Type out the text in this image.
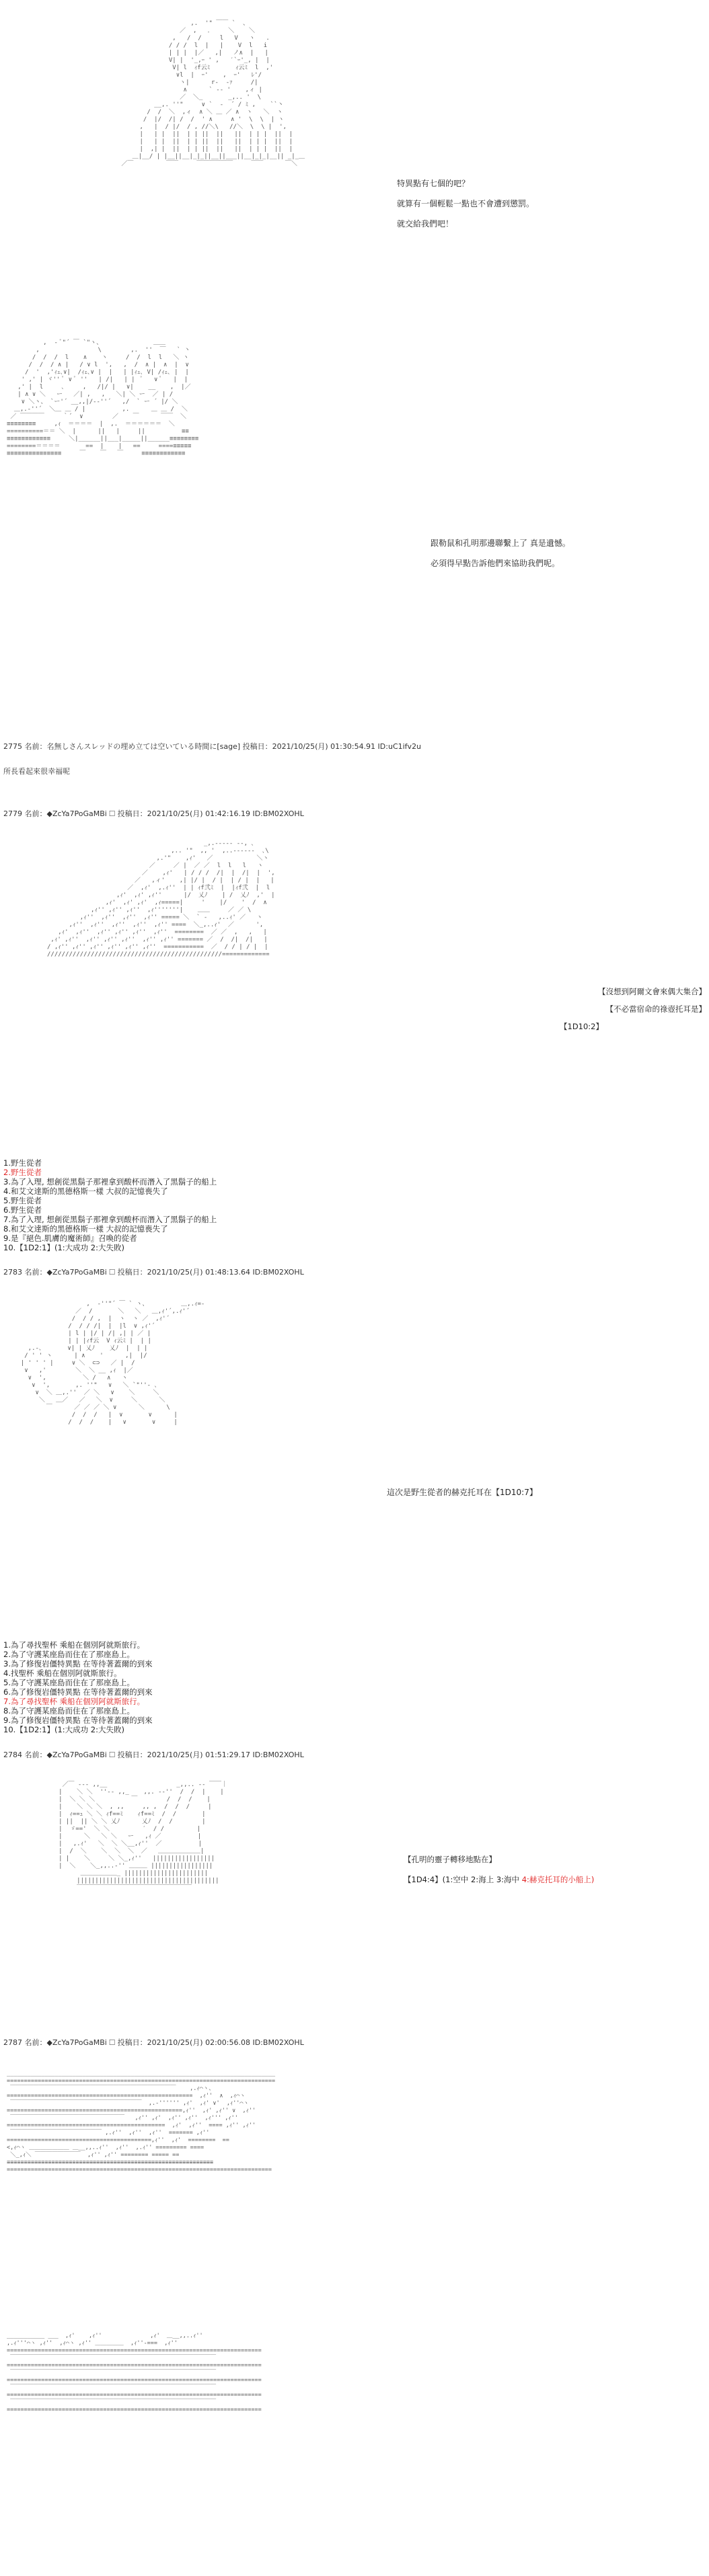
,.  '" ￣￣ `  、
／  ,   ．    ＼    ＼
,   /  /     l   V   ヽ   .
/ / /  l  |   |    V  l   i
| | |  |／   ,|   ノ∧  |   |
V| |  '_,ｰ ' ,   ′`ｰ'_, |  |
V| l  ｨf云ﾐ       ｨ云ﾐ  l  ,'
∨l  |  ｰ'    ,  ｰ'   ﾚ'/
ヽ|      r-  -ｧ     /|
∧      ` ‐‐ '    ,ィ |
／  ＼_       _,.. '  \
__,. ''"     ∨ `  ‐  ´ / ﾐ ,    ``丶
/  /  ＼  ,ィ  ∧ ＼ ＿ ／ ∧  ヽ   ＼  ヽ
/  |/  /| /  /  ' ∧     ∧ '  \  \  | ヽ
,   |  / |/  / , //＼\   //＼  \  \ |  ',
|   | |  ||  | | ||  ||   ||  | | |  ||  |
|   | |  ||  | | ||  ||   ||  | | |  ||  |
|  ,| |  ||  | | ||  ||   ||  | | |  ||  |
＿|__/ | |__||__|_|_||__||___||__|_|_|__|| _|_＿
／￣         ￣￣     ￣￣￣￣￣￣     ￣￣      ￣＼
特異點有七個的吧？
就算有一個輕鬆一點也不會遭到懲罰。
就交給我們吧！
,  ‐ ﾞ"´ ￣ `"ヽ、              ＿＿
,                \        ,.  ''  ￣   ` 丶
/  /  /  l    ∧    ヽ     /  /  l  l   ＼ ヽ
/  /  / ∧ |   / ∨ l  ',   ,  /  ∧ |  ∧  |  ∨
/  '  ,'ｨｪ､∨|  /ｨｪ､∨ |  |   | |ｨｪ､ V| /ｨｪ､ |  |
' ,' | ヾ'' ﾟ ∨ ﾟ ''   | /|   | |  ﾟ   ∨ ﾟ   |  |
,' |  l     ､     ,   /|/ |   ∨|    __    ,  |／
| ∧ ∨ ＼   ー   ／| ,   ,   ＼| ＼ ー  ／ | /
∨ ＼ヽ、 `ー'´ __,,|/-‐''´   ,/  ` ー ´ |/ ＼
＿,.-''´  ＼＿ ＿ / |          ,.      ＿ ＿ /  ＼
／ ￣￣￣￣     ｀´  ∨        ／    ￣      ￣￣  ＼
≡≡≡≡≡≡≡≡     ,ｨ  ＝＝＝＝  |  ,.  ＝＝＝＝＝＝  ＼
==========＝＝ ＼  |      ||   |     ||          ≡≡
≡≡≡≡≡≡≡≡≡≡≡≡     ＼|______||___|_____||______≡≡≡≡≡≡≡≡
========＝＝＝＝       ==  |    |   ==     ====≡≡≡≡≡
≡≡≡≡≡≡≡≡≡≡≡≡≡≡≡     ￣    ￣   ￣     ≡≡≡≡≡≡≡≡≡≡≡≡
跟勒鼠和孔明那邊聯繫上了 真是遺憾。
必須得早點告訴他們來協助我們呢。
2775 名前：名無しさんスレッドの埋め立ては空いている時間に[sage] 投稿日：2021/10/25(月) 01:30:54.91 ID:uC1ifv2u
所長看起來很幸福呢
2779 名前：◆ZcYa7PoGaMBi 🞎 投稿日：2021/10/25(月) 01:42:16.19 ID:BM02XOHL
_,.-‐‐‐‐ --, ､
,.. '"  ,, '  ,..-‐--‐-  ､\
,.'"    ,ｨ'   ／            ＼ヽ
／     ／ |  ／ ／  l  l   l   ヽ
／    ,ｨ'   | / / /  /|  |  /|  |  ',
／   ,ィ'    ,| |/ |  / |  | / |  |   |
／  ,ｨ'  ,.ｨ''  | | ｨf弐ﾐ  |  |ｨf弐  |  l
,ｨ'  ,ｨ' ,ｨ''      |/  乂ﾉ    | /  乂ﾉ  ,'  |
,ｨ'  ,ｨ' ,ｨ'  ,ｨ=====|     '    |/    '  /  ∧
,ｨ'' ,ｨ'' ,ｨ''  ,ｨ'''''''|    ＿＿     ／ ／ \
,ｨ''  ,ｨ''  ,ｨ''  ,ｨ'' ===== ＼  ` ‐   ,..ｨ' ／   ヽ
,ｨ''  ,ｨ''  ,ｨ''  ,ｨ''  ,ｨ'' ====  ＼_,..ｨ'  ／      ',
,ｨ'  ,ｨ''  ,ｨ'' ,ｨ'' ,ｨ''  ,ｨ''  ========  ／ ／  ,   ,   |
,ｨ' ,ｨ''  ,ｨ'' ,ｨ'' ,ｨ''  ,ｨ'' ,ｨ'' ======= ／  /  /|  /|   |
/ ,ｨ'' ,ｨ'' ,ｨ'' ,ｨ'' ,ｨ'' ,ｨ''  ===========  ／  / / | / |  |
////////////////////////////////////////////////=============
【沒想到阿爾文會來偶大集合】
【不必當宿命的祿壺托耳是】
【1D10:2】
1.野生從者
2.野生從者
3.為了入理, 想創從黑鬍子那裡拿到酸杯而潛入了黑鬍子的船上
4.和艾文達斯的黑德格斯一樣 大叔的記憶喪失了
5.野生從者
6.野生從者
7.為了入理, 想創從黑鬍子那裡拿到酸杯而潛入了黑鬍子的船上
8.和艾文達斯的黑德格斯一樣 大叔的記憶喪失了
9.是『絕色.肌膚的魔術師』召喚的從者
10.【1D2:1】(1:大成功 2:大失敗)
2783 名前：◆ZcYa7PoGaMBi 🞎 投稿日：2021/10/25(月) 01:48:13.64 ID:BM02XOHL
,  ‐''"´ ￣ ` ヽ、         ＿,.ｨ=-
／  /       ＼   ＼   ＿,ｨ'´,.ｨ'´
/  / / ,  |  ヽ  ヽ ／  ,ｨ'´
/  / / /|  |  |l  ∨ ,ｨ'´
| l | |/ | /| ,| | ／ |
| | |ｨf云  V ｨ云ﾐ |  | |
,.-､       ∨| | 乂ﾉ    乂ﾉ  |  | |
/ ' ' ヽ      | ∧    '      ,|  |/
| ' ' ' |     ∨ ＼  ⊂⊃   ／ |  /
∨   ,'        ＼  ＼ __ ,ｨ  |／
∨  ',          ＼ /   ∧   ヽ
∨  ',       ,. ''"   ∨   ＼ `"''‐ ､
∨  ＼ ＿,.''  ／ ＼   ∨    ＼     ＼
＼   ＿／   ／   ＼  ∨     ＼      ＼
￣      ／ ／ ／ ＼ ∨      ＼      \
/  /  /   |  ∨       ∨      |
/  /  /    |   ∨       ∨     |
這次是野生從者的赫克托耳在【1D10:7】
1.為了尋找聖杯 乘船在個別阿就斯旅行。
2.為了守護某座島而住在了那座島上。
3.為了修復岩僵特異點 在等待著蓋爾的到來
4.找聖杯 乘船在個別阿就斯旅行。
5.為了守護某座島而住在了那座島上。
6.為了修復岩僵特異點 在等待著蓋爾的到來
7.為了尋找聖杯 乘船在個別阿就斯旅行。
8.為了守護某座島而住在了那座島上。
9.為了修復岩僵特異點 在等待著蓋爾的到來
10.【1D2:1】(1:大成功 2:大失敗)
2784 名前：◆ZcYa7PoGaMBi 🞎 投稿日：2021/10/25(月) 01:51:29.17 ID:BM02XOHL
／￣ ‐‐‐ ,,__                   _,,.. -‐ ￣￣｜
|    ＼ ＼  ''‐- ,,_    ,,. -‐''  /  /  |    |
|  ＼ ＼ ＼          ￣        /  /  /    |
|    ＼ ＼ ＼  , ,,     ,, ,  /  /  /     |
|  ｨ==ｭ ＼ ＼ ｨf==ﾐ    ｨf==ﾐ  /  /       |
| ||  || ＼ ＼ 乂ﾉ      乂ﾉ  /  /        |
|  ゞ=='  ＼ ＼         ′  / /         |
|      ＼   ＼ ＼   ー   ,ｨ ／          |
|   ,.ｨ'   ＼  ＼ ＼__,ｨ''  ／          |
|  /  ＼    ＼  ＼  ＼  ／   ＿＿＿＿＿＿＿|
| |    ＼     ＼ ＼_,ｨ''   |||||||||||||||||
|  ＼    ＼_,,..-'' ＿＿＿ |||||||||||||||||
＿＿＿＿＿＿_ |||||||||||||||||||||||
|||||||||||||||||||||||||||||||||||||||
￣￣￣￣￣￣￣￣￣￣￣￣￣￣￣￣￣￣￣
【孔明的靈子轉移地點在】
【1D4:4】(1:空中 2:海上 3:海中 4:赫克托耳的小船上)
2787 名前：◆ZcYa7PoGaMBi 🞎 投稿日：2021/10/25(月) 02:00:56.08 ID:BM02XOHL
______________________________________________________________________________
==============================================================================
￣￣￣￣￣￣￣￣￣￣￣￣￣￣￣￣￣￣￣￣￣￣￣￣￣￣￣￣￣    ,.ｨ⌒ヽ、
======================================================  ,ｨ''  ∧  ,ｨ⌒ヽ
￣￣￣￣￣￣￣￣￣￣￣￣￣￣￣￣￣￣￣￣￣￣￣  ,.-'''''' ,ｨ'  ,ｨ' ∨'  ,ｨ''⌒ヽ
===================================================,ｨ''  ,ｨ' ,ｨ'' ∨  ,ｨ''
￣￣￣￣￣￣￣￣￣￣￣￣￣￣￣￣￣￣￣￣   ,ｨ'' ,ｨ'  ,ｨ'' ,ｨ''  ,ｨ''' ,ｨ''
==============================================  ,ｨ'  ,ｨ''  ==== ,ｨ'' ,ｨ''
￣￣￣￣￣￣￣￣￣￣￣￣￣￣￣￣ ,.ｨ''  ,ｨ''  ,ｨ''  ======= ,ｨ''
==========================================,ｨ''  ,ｨ'  ========  ==
<,ｨ⌒ヽ ＿＿＿＿＿＿＿ ＿__,,..ｨ''  ,ｨ''  ,.ｨ'' ========= ====
＼_,ｨ＼ ￣￣￣￣￣￣￣￣  ,ｨ'' ,ｨ'' ======== ===== ==
≡≡≡≡≡≡≡≡≡≡≡≡≡≡≡≡≡≡≡≡≡≡≡≡≡≡≡≡≡≡≡≡≡≡≡≡≡≡≡≡≡≡≡≡≡≡≡≡≡≡≡≡≡≡≡≡≡≡≡≡
=============================================================================
___________ ___  ,ｨ'    ,ｨ''              ,ｨ'  ＿__,,..ｨ''
,.ｨ'''⌒ヽ ,ｨ''  ,ｨ⌒ヽ ,ｨ'' ＿＿＿＿＿  ,ｨ''-===  ,ｨ''
==========================================================================
￣￣￣￣￣￣￣￣￣￣￣￣￣￣￣￣￣￣￣￣￣￣￣￣￣￣￣￣￣￣￣￣￣￣￣￣
==========================================================================
￣￣￣￣￣￣￣￣￣￣￣￣￣￣￣￣￣￣￣￣￣￣￣￣￣￣￣￣￣￣￣￣￣￣￣￣
==========================================================================
￣￣￣￣￣￣￣￣￣￣￣￣￣￣￣￣￣￣￣￣￣￣￣￣￣￣￣￣￣￣￣￣￣￣￣￣
==========================================================================
￣￣￣￣￣￣￣￣￣￣￣￣￣￣￣￣￣￣￣￣￣￣￣￣￣￣￣￣￣￣￣￣￣￣￣￣
==========================================================================
